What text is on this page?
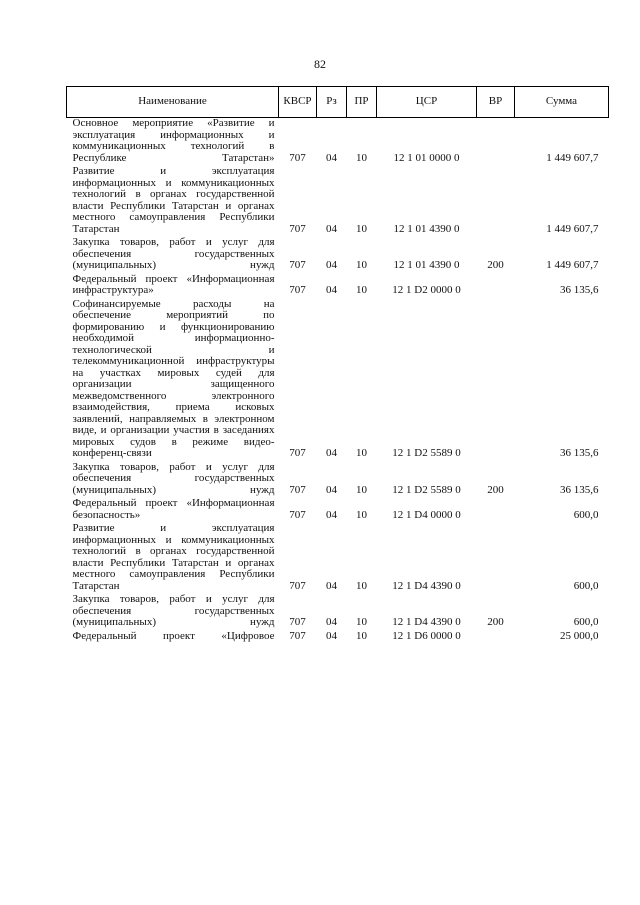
82
Наименование	КВСР	Рз	ПР	ЦСР	ВР	Сумма
Основное мероприятие «Развитие и эксплуатация информационных и коммуникационных технологий в Республике Татарстан»	707	04	10	12 1 01 0000 0		1 449 607,7
Развитие и эксплуатация информационных и коммуникационных технологий в органах государственной власти Республики Татарстан и органах местного самоуправления Республики Татарстан	707	04	10	12 1 01 4390 0		1 449 607,7
Закупка товаров, работ и услуг для обеспечения государственных (муниципальных) нужд	707	04	10	12 1 01 4390 0	200	1 449 607,7
Федеральный проект «Информационная инфраструктура»	707	04	10	12 1 D2 0000 0		36 135,6
Софинансируемые расходы на обеспечение мероприятий по формированию и функционированию необходимой информационно-технологической и телекоммуникационной инфраструктуры на участках мировых судей для организации защищенного межведомственного электронного взаимодействия, приема исковых заявлений, направляемых в электронном виде, и организации участия в заседаниях мировых судов в режиме видео-конференц-связи	707	04	10	12 1 D2 5589 0		36 135,6
Закупка товаров, работ и услуг для обеспечения государственных (муниципальных) нужд	707	04	10	12 1 D2 5589 0	200	36 135,6
Федеральный проект «Информационная безопасность»	707	04	10	12 1 D4 0000 0		600,0
Развитие и эксплуатация информационных и коммуникационных технологий в органах государственной власти Республики Татарстан и органах местного самоуправления Республики Татарстан	707	04	10	12 1 D4 4390 0		600,0
Закупка товаров, работ и услуг для обеспечения государственных (муниципальных) нужд	707	04	10	12 1 D4 4390 0	200	600,0
Федеральный проект «Цифровое	707	04	10	12 1 D6 0000 0		25 000,0
